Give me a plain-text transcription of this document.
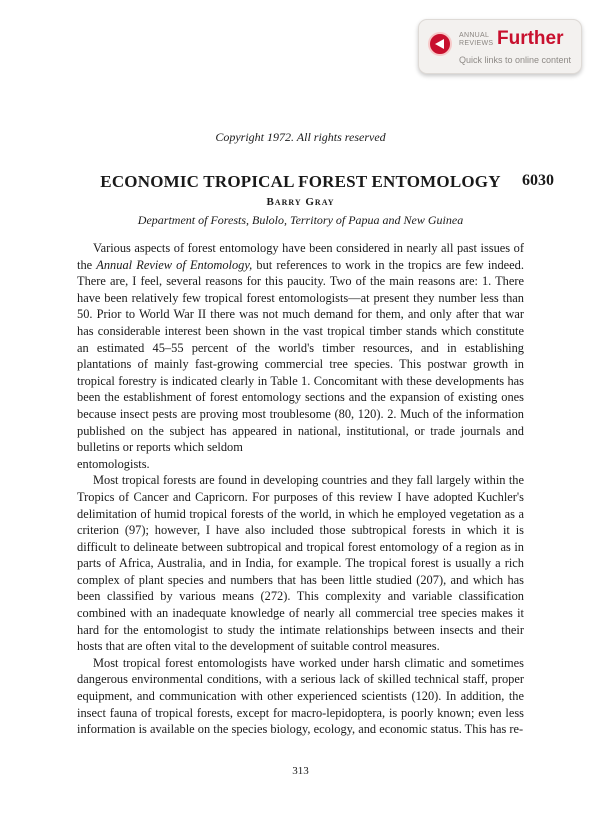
ANNUAL
REVIEWS Further
Quick links to online content
Copyright 1972. All rights reserved
ECONOMIC TROPICAL FOREST ENTOMOLOGY	6030
Barry Gray
Department of Forests, Bulolo, Territory of Papua and New Guinea

Various aspects of forest entomology have been considered in nearly all past issues of the Annual Review of Entomology, but references to work in the tropics are few indeed. There are, I feel, several reasons for this paucity. Two of the main reasons are: 1. There have been relatively few tropical forest entomologists—at present they number less than 50. Prior to World War II there was not much demand for them, and only after that war has considerable interest been shown in the vast tropical timber stands which constitute an estimated 45–55 percent of the world's timber resources, and in establishing plantations of mainly fast-growing commercial tree species. This postwar growth in tropical forestry is indicated clearly in Table 1. Concomitant with these developments has been the establishment of forest entomology sections and the expansion of existing ones because insect pests are proving most troublesome (80, 120). 2. Much of the information published on the subject has appeared in national, institutional, or trade journals and bulletins or reports which seldom

entomologists.

Most tropical forests are found in developing countries and they fall largely within the Tropics of Cancer and Capricorn. For purposes of this review I have adopted Kuchler's delimitation of humid tropical forests of the world, in which he employed vegetation as a criterion (97); however, I have also included those subtropical forests in which it is difficult to delineate between subtropical and tropical forest entomology of a region as in parts of Africa, Australia, and in India, for example. The tropical forest is usually a rich complex of plant species and numbers that has been little studied (207), and which has been classified by various means (272). This complexity and variable classification combined with an inadequate knowledge of nearly all commercial tree species makes it hard for the entomologist to study the intimate relationships between insects and their hosts that are often vital to the development of suitable control measures.

Most tropical forest entomologists have worked under harsh climatic and sometimes dangerous environmental conditions, with a serious lack of skilled technical staff, proper equipment, and communication with other experienced scientists (120). In addition, the insect fauna of tropical forests, except for macro-lepidoptera, is poorly known; even less information is available on the species biology, ecology, and economic status. This has re-

313
